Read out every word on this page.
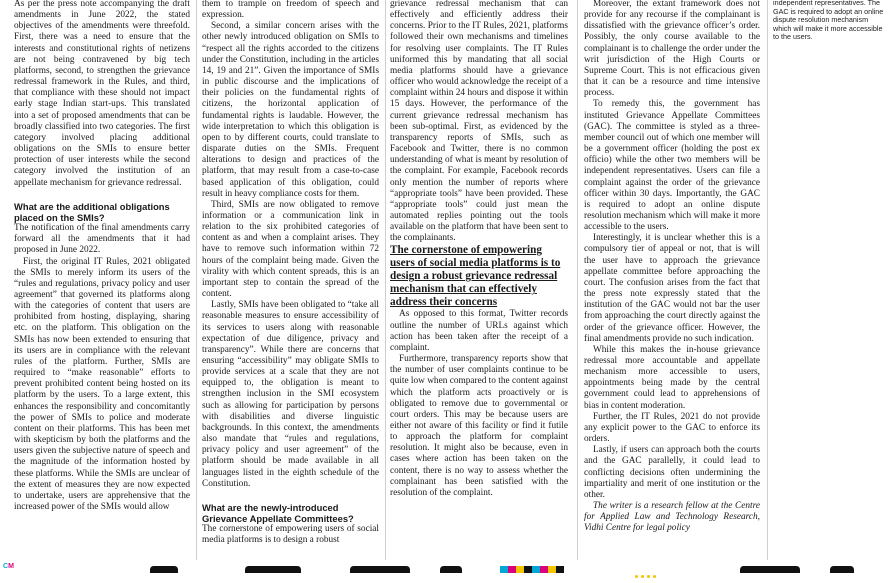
As per the press note accompanying the draft amendments in June 2022, the stated objectives of the amendments were threefold. First, there was a need to ensure that the interests and constitutional rights of netizens are not being contravened by big tech platforms, second, to strengthen the grievance redressal framework in the Rules, and third, that compliance with these should not impact early stage Indian start-ups. This translated into a set of proposed amendments that can be broadly classified into two categories. The first category involved placing additional obligations on the SMIs to ensure better protection of user interests while the second category involved the institution of an appellate mechanism for grievance redressal.

What are the additional obligations placed on the SMIs?

The notification of the final amendments carry forward all the amendments that it had proposed in June 2022.

First, the original IT Rules, 2021 obligated the SMIs to merely inform its users of the “rules and regulations, privacy policy and user agreement” that governed its platforms along with the categories of content that users are prohibited from hosting, displaying, sharing etc. on the platform. This obligation on the SMIs has now been extended to ensuring that its users are in compliance with the relevant rules of the platform. Further, SMIs are required to “make reasonable” efforts to prevent prohibited content being hosted on its platform by the users. To a large extent, this enhances the responsibility and concomitantly the power of SMIs to police and moderate content on their platforms. This has been met with skepticism by both the platforms and the users given the subjective nature of speech and the magnitude of the information hosted by these platforms. While the SMIs are unclear of the extent of measures they are now expected to undertake, users are apprehensive that the increased power of the SMIs would allow

them to trample on freedom of speech and expression.

Second, a similar concern arises with the other newly introduced obligation on SMIs to “respect all the rights accorded to the citizens under the Constitution, including in the articles 14, 19 and 21”. Given the importance of SMIs in public discourse and the implications of their policies on the fundamental rights of citizens, the horizontal application of fundamental rights is laudable. However, the wide interpretation to which this obligation is open to by different courts, could translate to disparate duties on the SMIs. Frequent alterations to design and practices of the platform, that may result from a case-to-case based application of this obligation, could result in heavy compliance costs for them.

Third, SMIs are now obligated to remove information or a communication link in relation to the six prohibited categories of content as and when a complaint arises. They have to remove such information within 72 hours of the complaint being made. Given the virality with which content spreads, this is an important step to contain the spread of the content.

Lastly, SMIs have been obligated to “take all reasonable measures to ensure accessibility of its services to users along with reasonable expectation of due diligence, privacy and transparency”. While there are concerns that ensuring “accessibility” may obligate SMIs to provide services at a scale that they are not equipped to, the obligation is meant to strengthen inclusion in the SMI ecosystem such as allowing for participation by persons with disabilities and diverse linguistic backgrounds. In this context, the amendments also mandate that “rules and regulations, privacy policy and user agreement” of the platform should be made available in all languages listed in the eighth schedule of the Constitution.

What are the newly-introduced Grievance Appellate Committees?

The cornerstone of empowering users of social media platforms is to design a robust

grievance redressal mechanism that can effectively and efficiently address their concerns. Prior to the IT Rules, 2021, platforms followed their own mechanisms and timelines for resolving user complaints. The IT Rules uniformed this by mandating that all social media platforms should have a grievance officer who would acknowledge the receipt of a complaint within 24 hours and dispose it within 15 days. However, the performance of the current grievance redressal mechanism has been sub-optimal. First, as evidenced by the transparency reports of SMIs, such as Facebook and Twitter, there is no common understanding of what is meant by resolution of the complaint. For example, Facebook records only mention the number of reports where “appropriate tools” have been provided. These “appropriate tools” could just mean the automated replies pointing out the tools available on the platform that have been sent to the complainants.

The cornerstone of empowering users of social media platforms is to design a robust grievance redressal mechanism that can effectively address their concerns

As opposed to this format, Twitter records outline the number of URLs against which action has been taken after the receipt of a complaint.

Furthermore, transparency reports show that the number of user complaints continue to be quite low when compared to the content against which the platform acts proactively or is obligated to remove due to governmental or court orders. This may be because users are either not aware of this facility or find it futile to approach the platform for complaint resolution. It might also be because, even in cases where action has been taken on the content, there is no way to assess whether the complainant has been satisfied with the resolution of the complaint.

Moreover, the extant framework does not provide for any recourse if the complainant is dissatisfied with the grievance officer’s order. Possibly, the only course available to the complainant is to challenge the order under the writ jurisdiction of the High Courts or Supreme Court. This is not efficacious given that it can be a resource and time intensive process.

To remedy this, the government has instituted Grievance Appellate Committees (GAC). The committee is styled as a three-member council out of which one member will be a government officer (holding the post ex officio) while the other two members will be independent representatives. Users can file a complaint against the order of the grievance officer within 30 days. Importantly, the GAC is required to adopt an online dispute resolution mechanism which will make it more accessible to the users.

Interestingly, it is unclear whether this is a compulsory tier of appeal or not, that is will the user have to approach the grievance appellate committee before approaching the court. The confusion arises from the fact that the press note expressly stated that the institution of the GAC would not bar the user from approaching the court directly against the order of the grievance officer. However, the final amendments provide no such indication.

While this makes the in-house grievance redressal more accountable and appellate mechanism more accessible to users, appointments being made by the central government could lead to apprehensions of bias in content moderation.

Further, the IT Rules, 2021 do not provide any explicit power to the GAC to enforce its orders.

Lastly, if users can approach both the courts and the GAC parallelly, it could lead to conflicting decisions often undermining the impartiality and merit of one institution or the other.

The writer is a research fellow at the Centre for Applied Law and Technology Research, Vidhi Centre for legal policy

independent representatives. The GAC is required to adopt an online dispute resolution mechanism which will make it more accessible to the users.

CM
